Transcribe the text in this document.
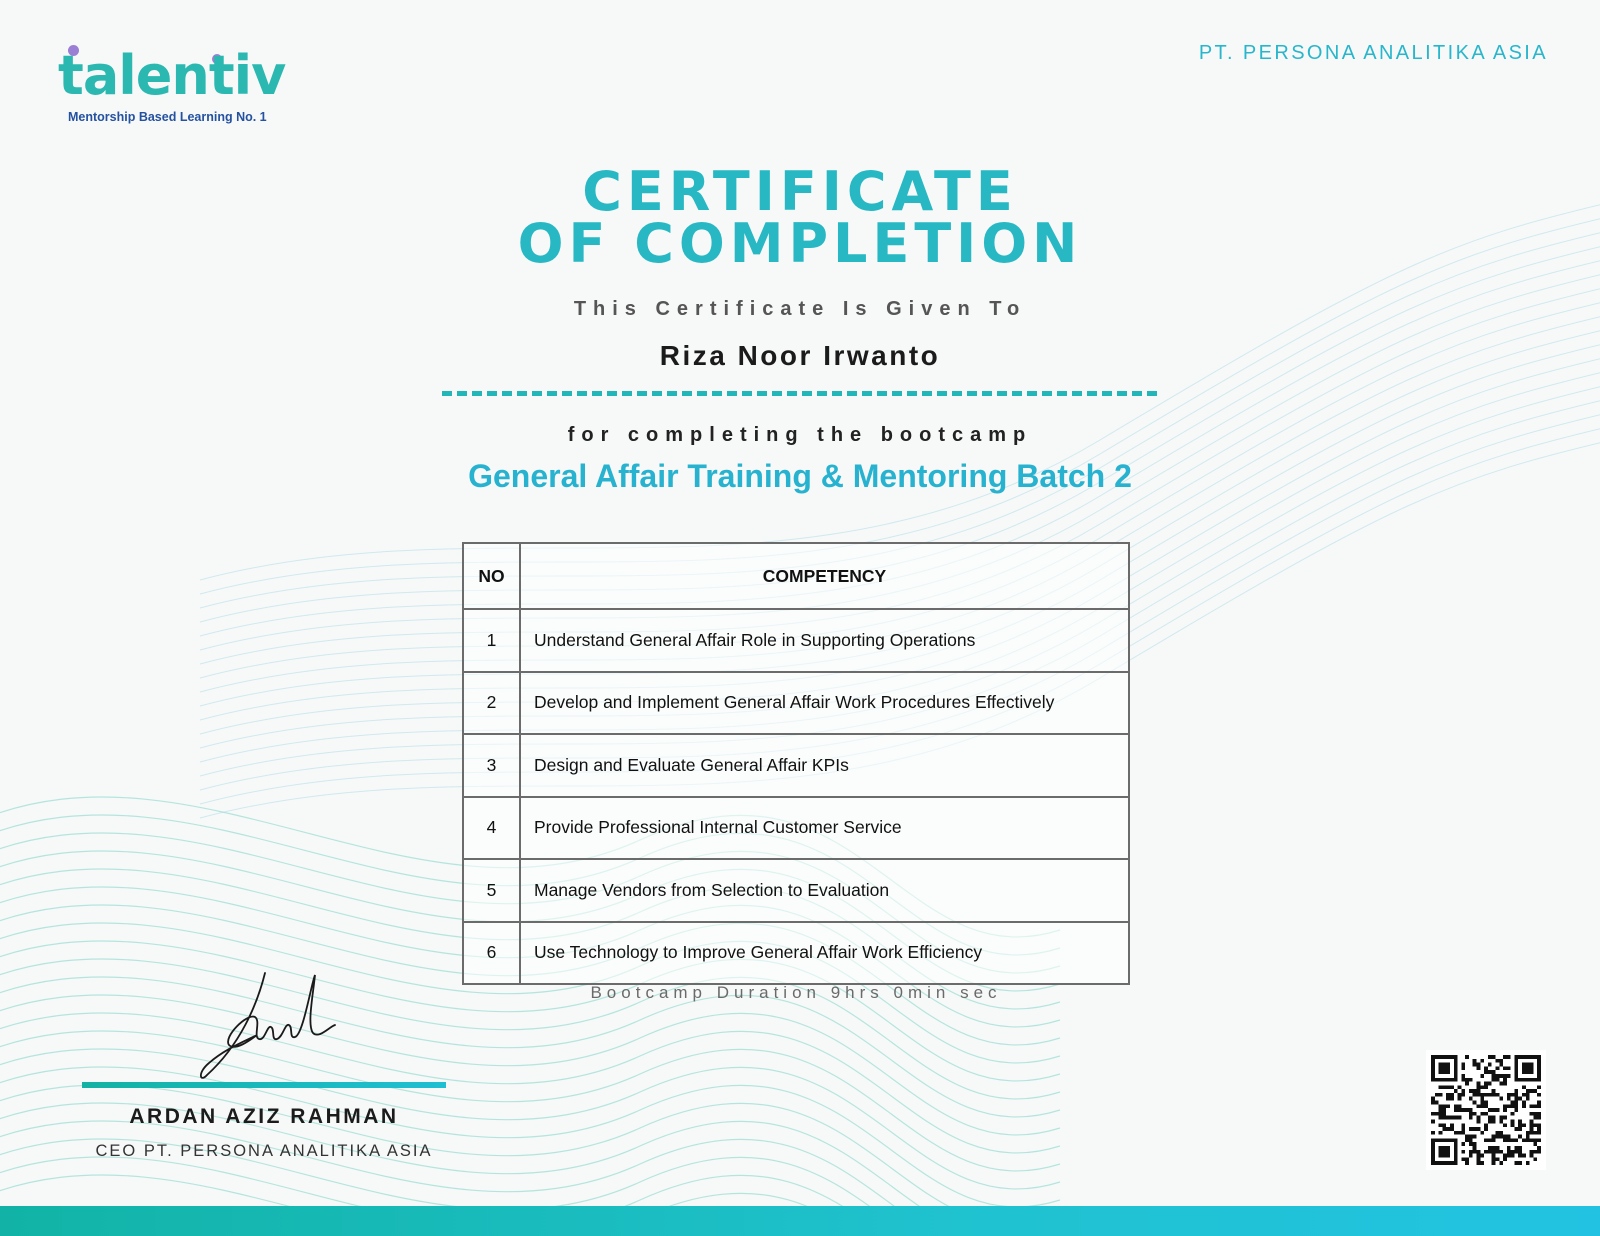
talentiv
Mentorship Based Learning No. 1
PT. PERSONA ANALITIKA ASIA
CERTIFICATE
OF COMPLETION
This Certificate Is Given To
Riza Noor Irwanto
for completing the bootcamp
General Affair Training & Mentoring Batch 2
NO	COMPETENCY
1	Understand General Affair Role in Supporting Operations
2	Develop and Implement General Affair Work Procedures Effectively
3	Design and Evaluate General Affair KPIs
4	Provide Professional Internal Customer Service
5	Manage Vendors from Selection to Evaluation
6	Use Technology to Improve General Affair Work Efficiency
Bootcamp Duration 9hrs 0min sec
ARDAN AZIZ RAHMAN
CEO PT. PERSONA ANALITIKA ASIA
